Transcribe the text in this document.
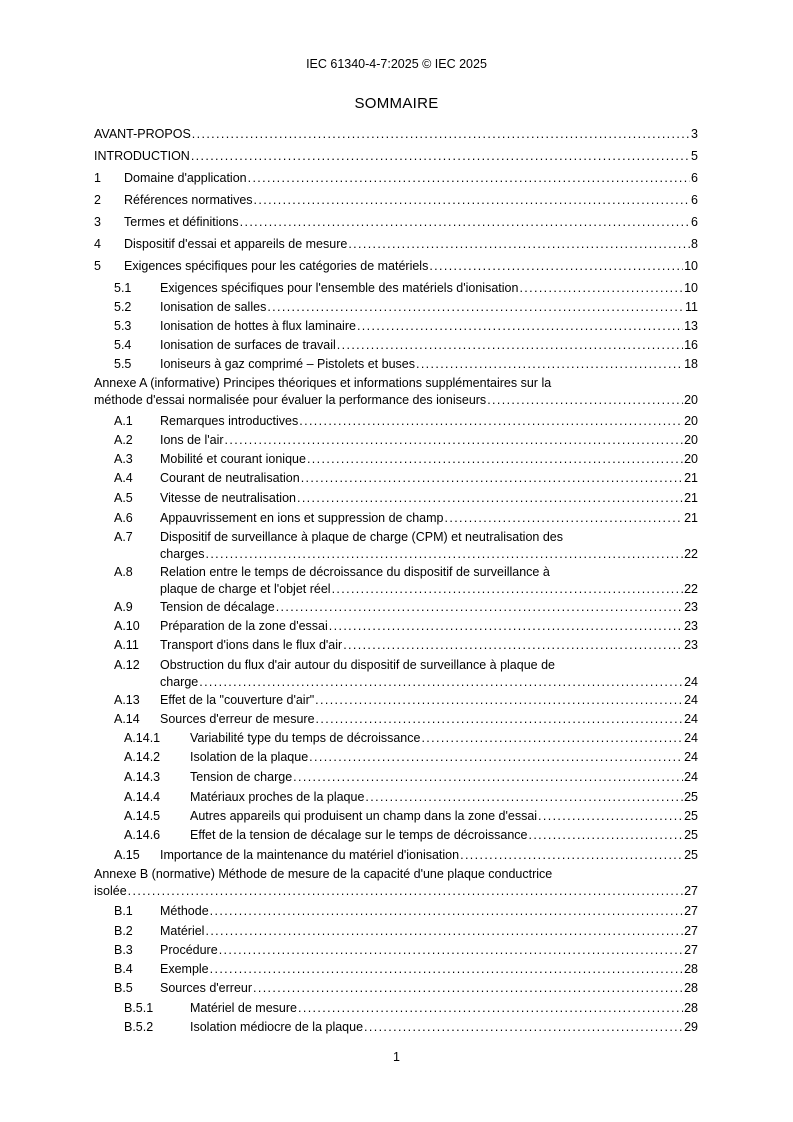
IEC 61340-4-7:2025 © IEC 2025
SOMMAIRE
AVANT-PROPOS . . .	3
INTRODUCTION . . .	5
1	Domaine d'application . . .	6
2	Références normatives . . .	6
3	Termes et définitions . . .	6
4	Dispositif d'essai et appareils de mesure . . .	8
5	Exigences spécifiques pour les catégories de matériels . . .	10
5.1	Exigences spécifiques pour l'ensemble des matériels d'ionisation . . .	10
5.2	Ionisation de salles . . .	11
5.3	Ionisation de hottes à flux laminaire . . .	13
5.4	Ionisation de surfaces de travail . . .	16
5.5	Ioniseurs à gaz comprimé – Pistolets et buses . . .	18
Annexe A (informative) Principes théoriques et informations supplémentaires sur la
méthode d'essai normalisée pour évaluer la performance des ioniseurs . . .	20
A.1	Remarques introductives . . .	20
A.2	Ions de l'air . . .	20
A.3	Mobilité et courant ionique . . .	20
A.4	Courant de neutralisation . . .	21
A.5	Vitesse de neutralisation . . .	21
A.6	Appauvrissement en ions et suppression de champ . . .	21
A.7	Dispositif de surveillance à plaque de charge (CPM) et neutralisation des
charges . . .	22
A.8	Relation entre le temps de décroissance du dispositif de surveillance à
plaque de charge et l'objet réel . . .	22
A.9	Tension de décalage . . .	23
A.10	Préparation de la zone d'essai . . .	23
A.11	Transport d'ions dans le flux d'air . . .	23
A.12	Obstruction du flux d'air autour du dispositif de surveillance à plaque de
charge . . .	24
A.13	Effet de la "couverture d'air" . . .	24
A.14	Sources d'erreur de mesure . . .	24
A.14.1	Variabilité type du temps de décroissance . . .	24
A.14.2	Isolation de la plaque . . .	24
A.14.3	Tension de charge . . .	24
A.14.4	Matériaux proches de la plaque . . .	25
A.14.5	Autres appareils qui produisent un champ dans la zone d'essai . . .	25
A.14.6	Effet de la tension de décalage sur le temps de décroissance . . .	25
A.15	Importance de la maintenance du matériel d'ionisation . . .	25
Annexe B (normative) Méthode de mesure de la capacité d'une plaque conductrice
isolée . . .	27
B.1	Méthode . . .	27
B.2	Matériel . . .	27
B.3	Procédure . . .	27
B.4	Exemple . . .	28
B.5	Sources d'erreur . . .	28
B.5.1	Matériel de mesure . . .	28
B.5.2	Isolation médiocre de la plaque . . .	29
1
